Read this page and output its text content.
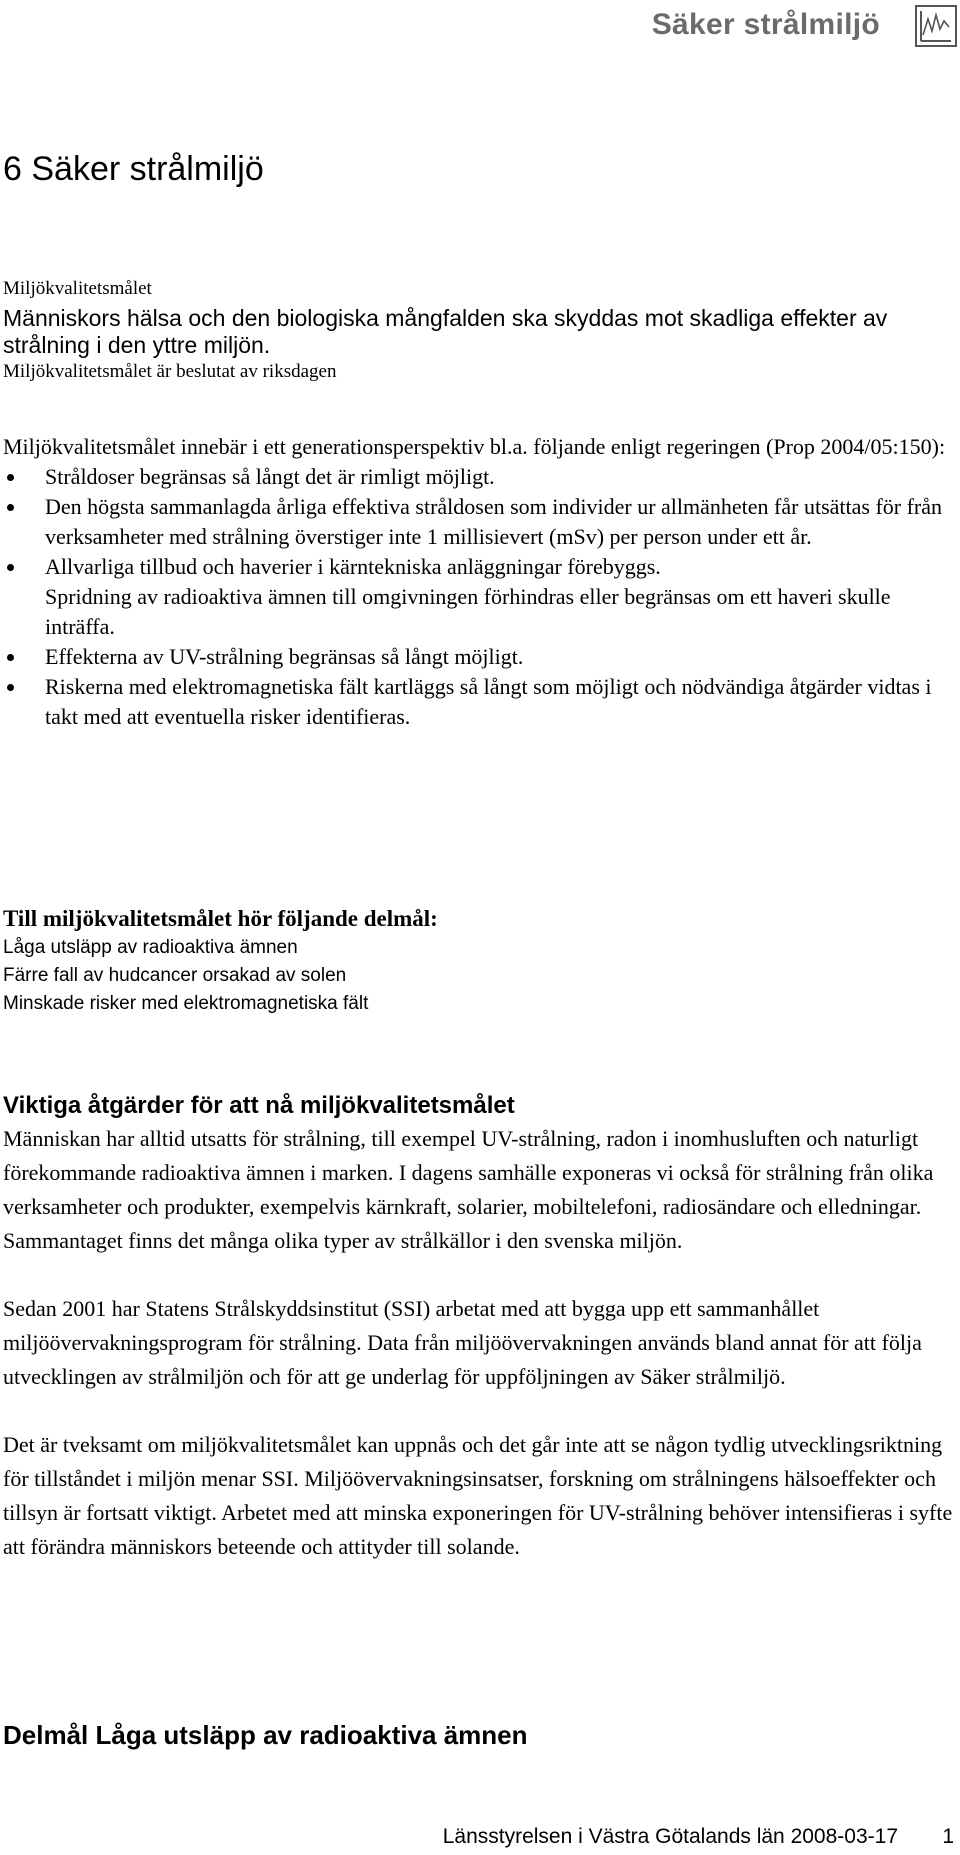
Säker strålmiljö
6 Säker strålmiljö
Miljökvalitetsmålet
Människors hälsa och den biologiska mångfalden ska skyddas mot skadliga effekter av strålning i den yttre miljön.
Miljökvalitetsmålet är beslutat av riksdagen
Miljökvalitetsmålet innebär i ett generationsperspektiv bl.a. följande enligt regeringen (Prop 2004/05:150):
Stråldoser begränsas så långt det är rimligt möjligt.
Den högsta sammanlagda årliga effektiva stråldosen som individer ur allmänheten får utsättas för från verksamheter med strålning överstiger inte 1 millisievert (mSv) per person under ett år.
Allvarliga tillbud och haverier i kärntekniska anläggningar förebyggs.
Spridning av radioaktiva ämnen till omgivningen förhindras eller begränsas om ett haveri skulle inträffa.
Effekterna av UV-strålning begränsas så långt möjligt.
Riskerna med elektromagnetiska fält kartläggs så långt som möjligt och nödvändiga åtgärder vidtas i takt med att eventuella risker identifieras.
Till miljökvalitetsmålet hör följande delmål:
Låga utsläpp av radioaktiva ämnen
Färre fall av hudcancer orsakad av solen
Minskade risker med elektromagnetiska fält
Viktiga åtgärder för att nå miljökvalitetsmålet

Människan har alltid utsatts för strålning, till exempel UV-strålning, radon i inomhusluften och naturligt förekommande radioaktiva ämnen i marken. I dagens samhälle exponeras vi också för strålning från olika verksamheter och produkter, exempelvis kärnkraft, solarier, mobiltelefoni, radiosändare och elledningar. Sammantaget finns det många olika typer av strålkällor i den svenska miljön.

Sedan 2001 har Statens Strålskyddsinstitut (SSI) arbetat med att bygga upp ett sammanhållet miljöövervakningsprogram för strålning. Data från miljöövervakningen används bland annat för att följa utvecklingen av strålmiljön och för att ge underlag för uppföljningen av Säker strålmiljö.

Det är tveksamt om miljökvalitetsmålet kan uppnås och det går inte att se någon tydlig utvecklingsriktning för tillståndet i miljön menar SSI. Miljöövervakningsinsatser, forskning om strålningens hälsoeffekter och tillsyn är fortsatt viktigt. Arbetet med att minska exponeringen för UV-strålning behöver intensifieras i syfte att förändra människors beteende och attityder till solande.

Delmål Låga utsläpp av radioaktiva ämnen
Länsstyrelsen i Västra Götalands län 2008-03-17 1
